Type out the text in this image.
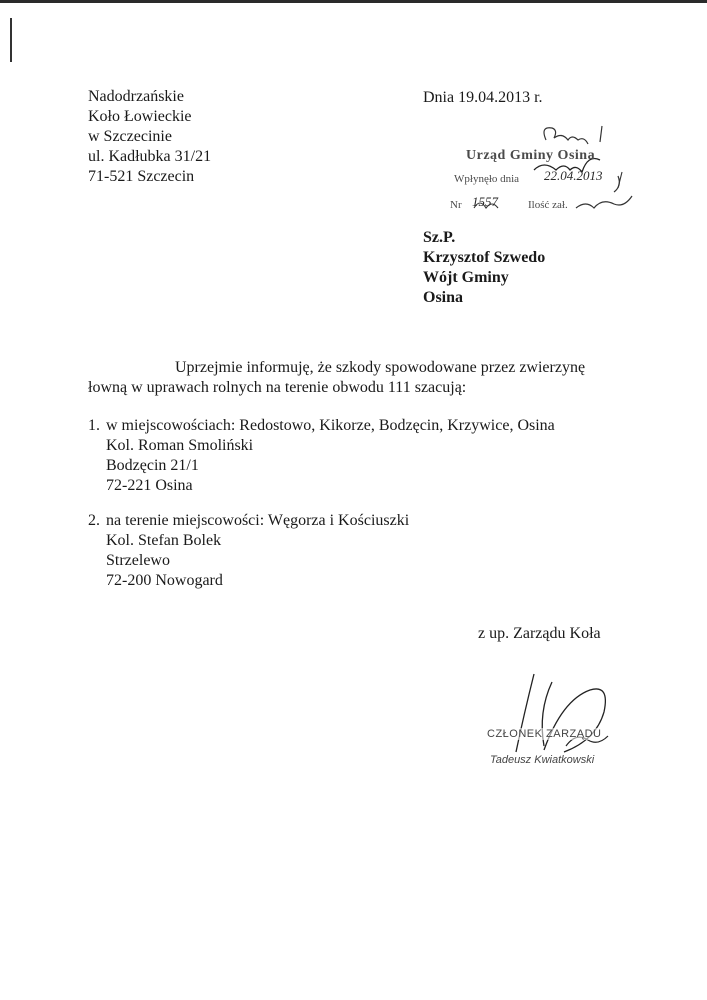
Nadodrzańskie
Koło Łowieckie
w Szczecinie
ul. Kadłubka 31/21
71-521 Szczecin
Dnia 19.04.2013 r.
Urząd Gminy Osina
Wpłynęło dnia 22.04.2013
Nr 1557	Ilość zał.
Sz.P.
Krzysztof Szwedo
Wójt Gminy
Osina
Uprzejmie informuję, że szkody spowodowane przez zwierzynę
łowną w uprawach rolnych na terenie obwodu 111 szacują:
1. w miejscowościach: Redostowo, Kikorze, Bodzęcin, Krzywice, Osina
Kol. Roman Smoliński
Bodzęcin 21/1
72-221 Osina
2. na terenie miejscowości: Węgorza i Kościuszki
Kol. Stefan Bolek
Strzelewo
72-200 Nowogard
z up. Zarządu Koła
CZŁONEK ZARZĄDU
Tadeusz Kwiatkowski
